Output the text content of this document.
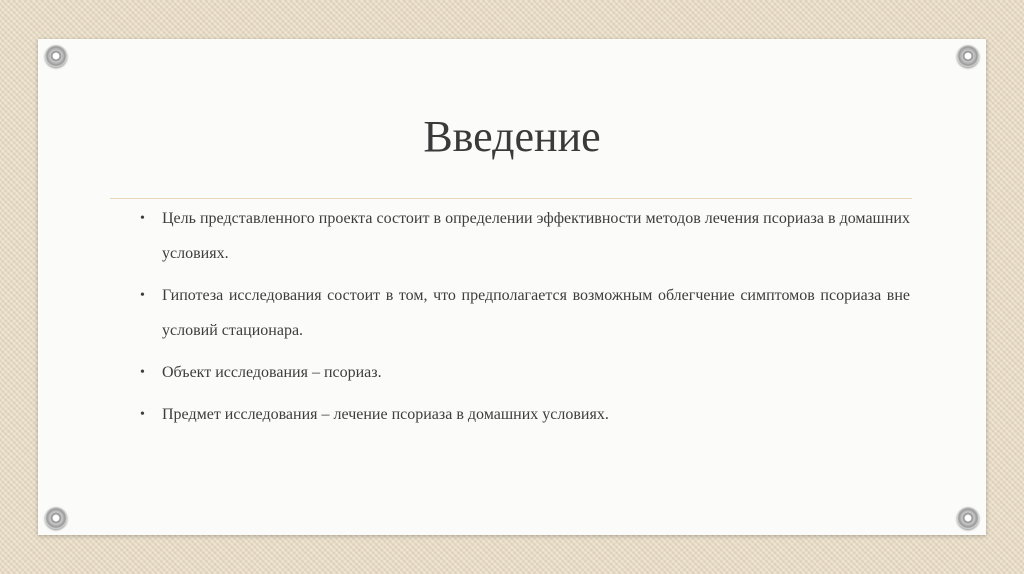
Введение
• Цель представленного проекта состоит в определении эффективности методов лечения псориаза в домашних условиях.
• Гипотеза исследования состоит в том, что предполагается возможным облегчение симптомов псориаза вне условий стационара.
• Объект исследования – псориаз.
• Предмет исследования – лечение псориаза в домашних условиях.
